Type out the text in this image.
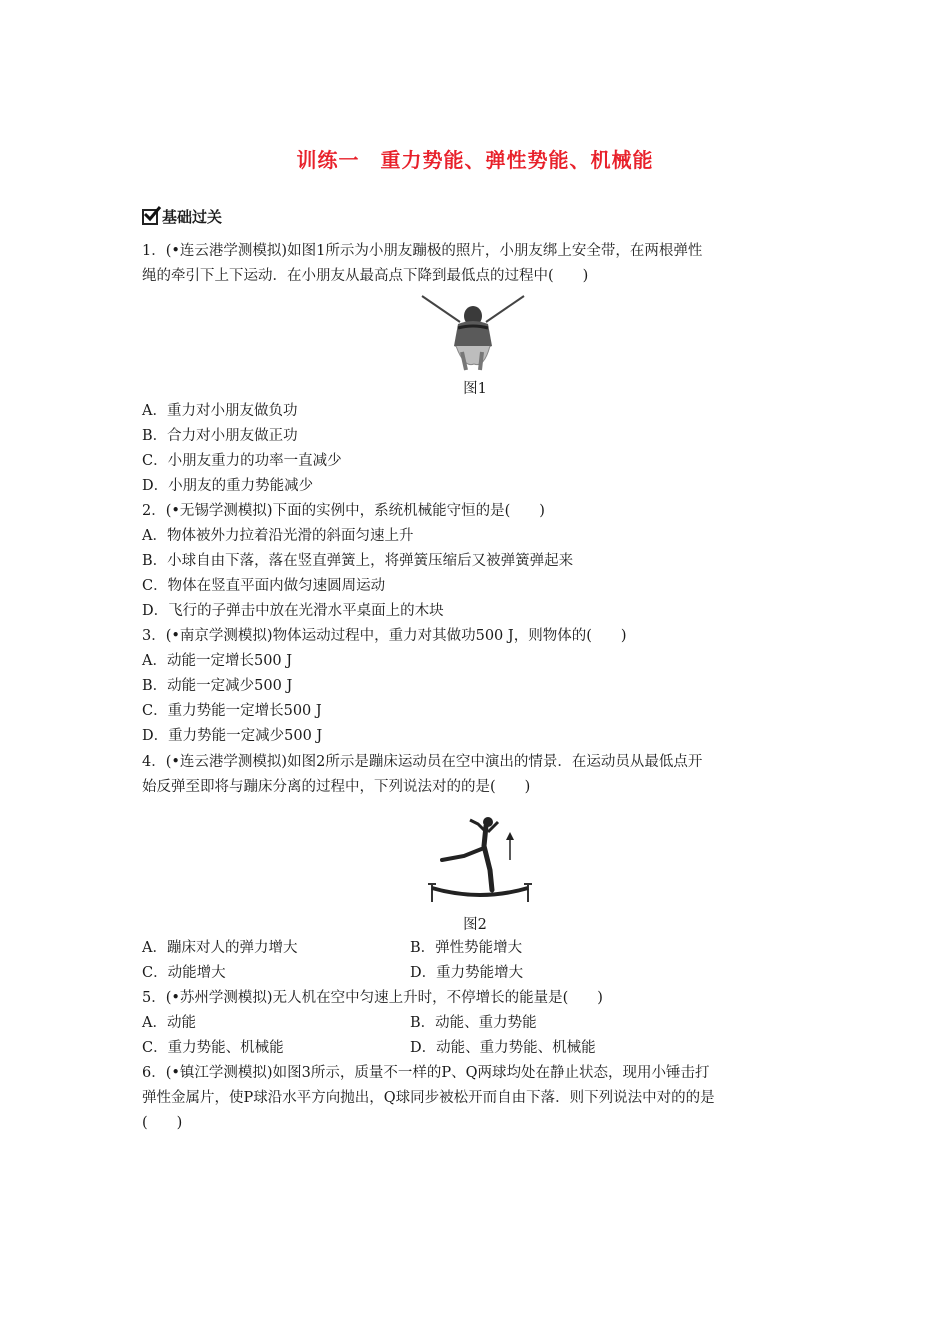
训练一　重力势能、弹性势能、机械能
基础过关
1．(•连云港学测模拟)如图1所示为小朋友蹦极的照片，小朋友绑上安全带，在两根弹性
绳的牵引下上下运动．在小朋友从最高点下降到最低点的过程中(　　)
图1
A．重力对小朋友做负功
B．合力对小朋友做正功
C．小朋友重力的功率一直减少
D．小朋友的重力势能减少
2．(•无锡学测模拟)下面的实例中，系统机械能守恒的是(　　)
A．物体被外力拉着沿光滑的斜面匀速上升
B．小球自由下落，落在竖直弹簧上，将弹簧压缩后又被弹簧弹起来
C．物体在竖直平面内做匀速圆周运动
D．飞行的子弹击中放在光滑水平桌面上的木块
3．(•南京学测模拟)物体运动过程中，重力对其做功500 J，则物体的(　　)
A．动能一定增长500 J
B．动能一定减少500 J
C．重力势能一定增长500 J
D．重力势能一定减少500 J
4．(•连云港学测模拟)如图2所示是蹦床运动员在空中演出的情景．在运动员从最低点开
始反弹至即将与蹦床分离的过程中，下列说法对的的是(　　)
图2
A．蹦床对人的弹力增大	B．弹性势能增大
C．动能增大	D．重力势能增大
5．(•苏州学测模拟)无人机在空中匀速上升时，不停增长的能量是(　　)
A．动能	B．动能、重力势能
C．重力势能、机械能	D．动能、重力势能、机械能
6．(•镇江学测模拟)如图3所示，质量不一样的P、Q两球均处在静止状态，现用小锤击打
弹性金属片，使P球沿水平方向抛出，Q球同步被松开而自由下落．则下列说法中对的的是
(　　)
